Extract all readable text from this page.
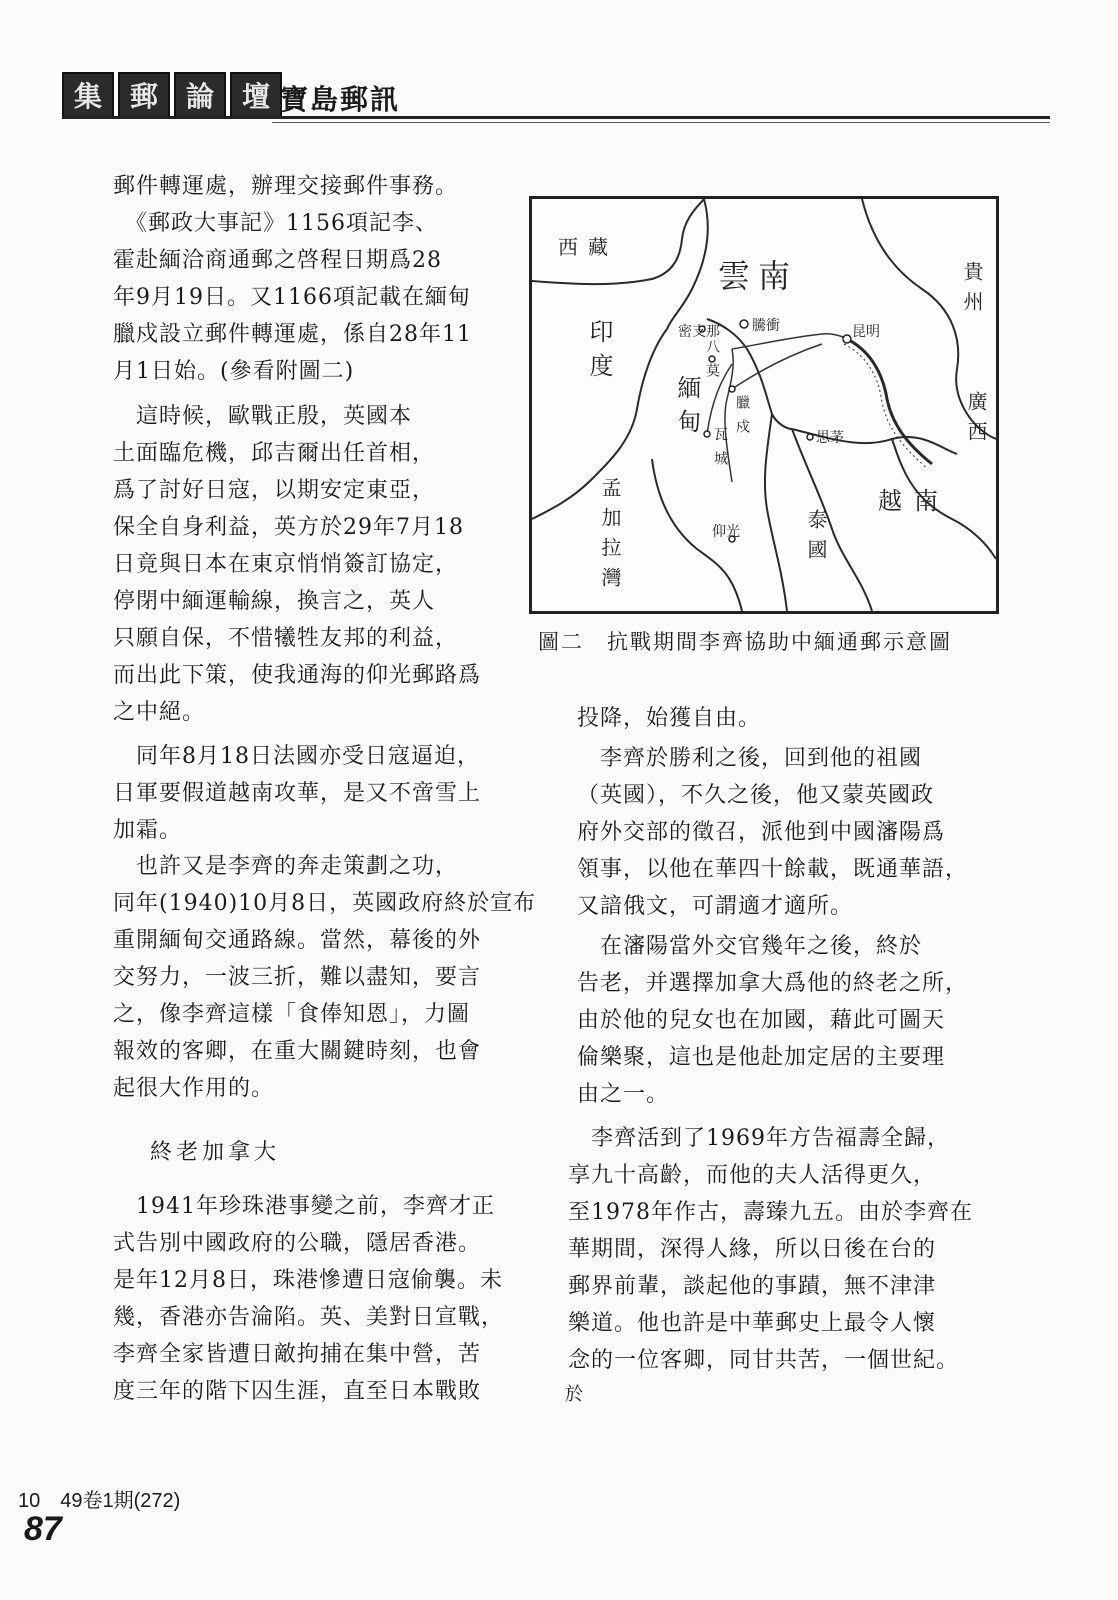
集 郵 論 壇 寶島郵訊

郵件轉運處，辦理交接郵件事務。

　《郵政大事記》1156項記李、
霍赴緬洽商通郵之啓程日期爲28
年9月19日。又1166項記載在緬甸
臘戍設立郵件轉運處，係自28年11
月1日始。(參看附圖二)

　這時候，歐戰正殷，英國本
土面臨危機，邱吉爾出任首相，
爲了討好日寇，以期安定東亞，
保全自身利益，英方於29年7月18
日竟與日本在東京悄悄簽訂協定，
停閉中緬運輸線，換言之，英人
只願自保，不惜犧牲友邦的利益，
而出此下策，使我通海的仰光郵路爲
之中絕。

　同年8月18日法國亦受日寇逼迫，
日軍要假道越南攻華，是又不啻雪上
加霜。

　也許又是李齊的奔走策劃之功，
同年(1940)10月8日，英國政府終於宣布
重開緬甸交通路線。當然，幕後的外
交努力，一波三折，難以盡知，要言
之，像李齊這樣「食俸知恩」，力圖
報效的客卿，在重大關鍵時刻，也會
起很大作用的。

終老加拿大

　1941年珍珠港事變之前，李齊才正
式告別中國政府的公職，隱居香港。
是年12月8日，珠港慘遭日寇偷襲。未
幾，香港亦告淪陷。英、美對日宣戰，
李齊全家皆遭日敵拘捕在集中營，苦
度三年的階下囚生涯，直至日本戰敗

西藏
雲南	貴州
印度
緬甸	廣西
孟加拉灣	泰國
越南
昆明
騰衝
密支那
八莫
臘戍
瓦城	思茅
仰光
圖二　抗戰期間李齊協助中緬通郵示意圖

投降，始獲自由。

　李齊於勝利之後，回到他的祖國
（英國），不久之後，他又蒙英國政
府外交部的徵召，派他到中國瀋陽爲
領事，以他在華四十餘載，既通華語，
又諳俄文，可謂適才適所。

　在瀋陽當外交官幾年之後，終於
告老，并選擇加拿大爲他的終老之所，
由於他的兒女也在加國，藉此可圖天
倫樂聚，這也是他赴加定居的主要理
由之一。

　李齊活到了1969年方告福壽全歸，
享九十高齡，而他的夫人活得更久，
至1978年作古，壽臻九五。由於李齊在
華期間，深得人緣，所以日後在台的
郵界前輩，談起他的事蹟，無不津津
樂道。他也許是中華郵史上最令人懷
念的一位客卿，同甘共苦，一個世紀。

於
10 49卷1期(272)
87
